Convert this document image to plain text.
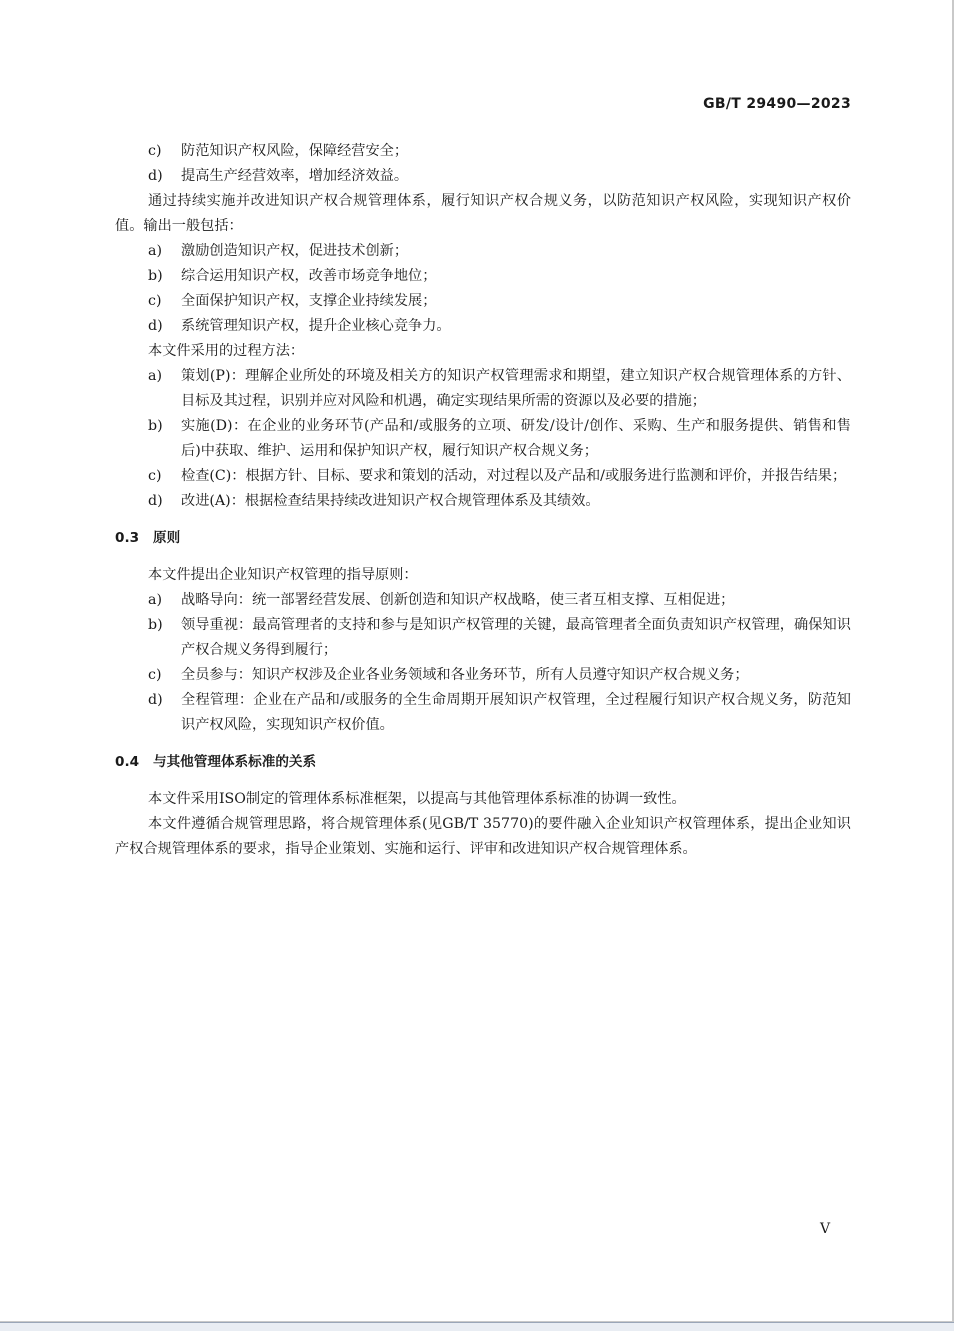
GB/T 29490—2023
c) 防范知识产权风险，保障经营安全；
d) 提高生产经营效率，增加经济效益。
通过持续实施并改进知识产权合规管理体系，履行知识产权合规义务，以防范知识产权风险，实现知识产权价值。输出一般包括：
a) 激励创造知识产权，促进技术创新；
b) 综合运用知识产权，改善市场竞争地位；
c) 全面保护知识产权，支撑企业持续发展；
d) 系统管理知识产权，提升企业核心竞争力。
本文件采用的过程方法：
a) 策划(P)：理解企业所处的环境及相关方的知识产权管理需求和期望，建立知识产权合规管理体系的方针、目标及其过程，识别并应对风险和机遇，确定实现结果所需的资源以及必要的措施；
b) 实施(D)：在企业的业务环节(产品和/或服务的立项、研发/设计/创作、采购、生产和服务提供、销售和售后)中获取、维护、运用和保护知识产权，履行知识产权合规义务；
c) 检查(C)：根据方针、目标、要求和策划的活动，对过程以及产品和/或服务进行监测和评价，并报告结果；
d) 改进(A)：根据检查结果持续改进知识产权合规管理体系及其绩效。
0.3 原则
本文件提出企业知识产权管理的指导原则：
a) 战略导向：统一部署经营发展、创新创造和知识产权战略，使三者互相支撑、互相促进；
b) 领导重视：最高管理者的支持和参与是知识产权管理的关键，最高管理者全面负责知识产权管理，确保知识产权合规义务得到履行；
c) 全员参与：知识产权涉及企业各业务领域和各业务环节，所有人员遵守知识产权合规义务；
d) 全程管理：企业在产品和/或服务的全生命周期开展知识产权管理，全过程履行知识产权合规义务，防范知识产权风险，实现知识产权价值。
0.4 与其他管理体系标准的关系
本文件采用ISO制定的管理体系标准框架，以提高与其他管理体系标准的协调一致性。
本文件遵循合规管理思路，将合规管理体系(见GB/T 35770)的要件融入企业知识产权管理体系，提出企业知识产权合规管理体系的要求，指导企业策划、实施和运行、评审和改进知识产权合规管理体系。
V
